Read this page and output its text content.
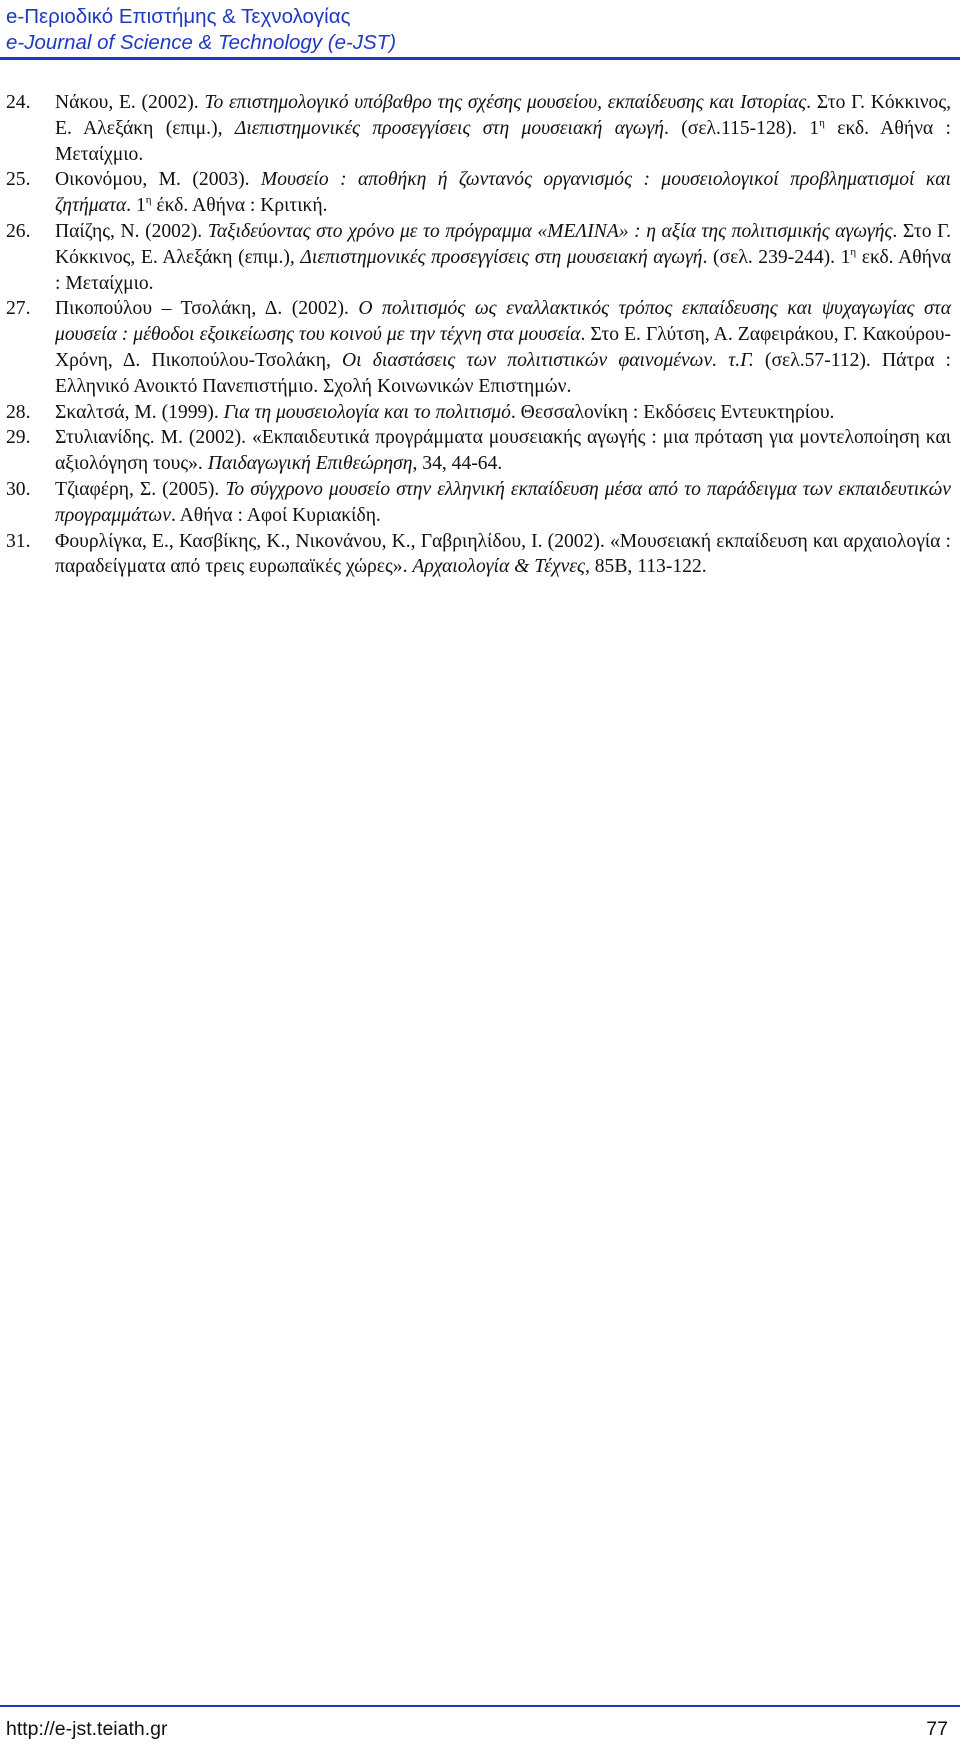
e-Περιοδικό Επιστήμης & Τεχνολογίας
e-Journal of Science & Technology (e-JST)
24. Νάκου, Ε. (2002). Το επιστημολογικό υπόβαθρο της σχέσης μουσείου, εκπαίδευσης και Ιστορίας. Στο Γ. Κόκκινος, Ε. Αλεξάκη (επιμ.), Διεπιστημονικές προσεγγίσεις στη μουσειακή αγωγή. (σελ.115-128). $1^\eta$ εκδ. Αθήνα : Μεταίχμιο.
25. Οικονόμου, Μ. (2003). Μουσείο : αποθήκη ή ζωντανός οργανισμός : μουσειολογικοί προβληματισμοί και ζητήματα. $1^\eta$ έκδ. Αθήνα : Κριτική.
26. Παίζης, Ν. (2002). Ταξιδεύοντας στο χρόνο με το πρόγραμμα «ΜΕΛΙΝΑ» : η αξία της πολιτισμικής αγωγής. Στο Γ. Κόκκινος, Ε. Αλεξάκη (επιμ.), Διεπιστημονικές προσεγγίσεις στη μουσειακή αγωγή. (σελ. 239-244). $1^\eta$ εκδ. Αθήνα : Μεταίχμιο.
27. Πικοπούλου – Τσολάκη, Δ. (2002). Ο πολιτισμός ως εναλλακτικός τρόπος εκπαίδευσης και ψυχαγωγίας στα μουσεία : μέθοδοι εξοικείωσης του κοινού με την τέχνη στα μουσεία. Στο Ε. Γλύτση, Α. Ζαφειράκου, Γ. Κακούρου-Χρόνη, Δ. Πικοπούλου-Τσολάκη, Οι διαστάσεις των πολιτιστικών φαινομένων. τ.Γ. (σελ.57-112). Πάτρα : Ελληνικό Ανοικτό Πανεπιστήμιο. Σχολή Κοινωνικών Επιστημών.
28. Σκαλτσά, Μ. (1999). Για τη μουσειολογία και το πολιτισμό. Θεσσαλονίκη : Εκδόσεις Εντευκτηρίου.
29. Στυλιανίδης. Μ. (2002). «Εκπαιδευτικά προγράμματα μουσειακής αγωγής : μια πρόταση για μοντελοποίηση και αξιολόγηση τους». Παιδαγωγική Επιθεώρηση, 34, 44-64.
30. Τζιαφέρη, Σ. (2005). Το σύγχρονο μουσείο στην ελληνική εκπαίδευση μέσα από το παράδειγμα των εκπαιδευτικών προγραμμάτων. Αθήνα : Αφοί Κυριακίδη.
31. Φουρλίγκα, Ε., Κασβίκης, Κ., Νικονάνου, Κ., Γαβριηλίδου, Ι. (2002). «Μουσειακή εκπαίδευση και αρχαιολογία : παραδείγματα από τρεις ευρωπαϊκές χώρες». Αρχαιολογία & Τέχνες, 85Β, 113-122.
http://e-jst.teiath.gr	77
